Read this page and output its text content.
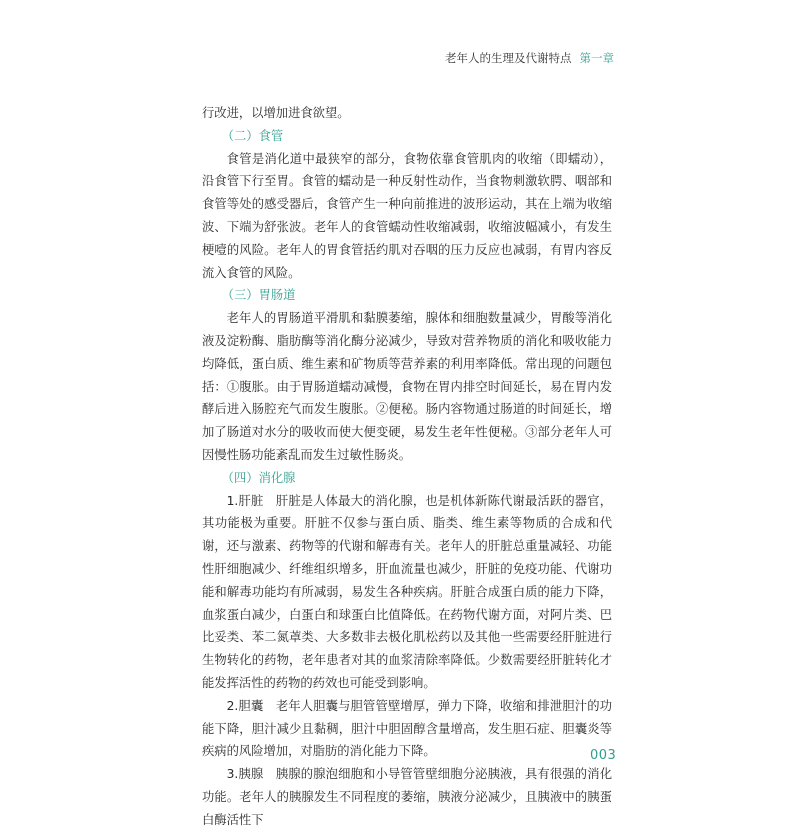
老年人的生理及代谢特点 第一章

行改进，以增加进食欲望。

（二）食管

食管是消化道中最狭窄的部分，食物依靠食管肌肉的收缩（即蠕动），沿食管下行至胃。食管的蠕动是一种反射性动作，当食物刺激软腭、咽部和食管等处的感受器后，食管产生一种向前推进的波形运动，其在上端为收缩波、下端为舒张波。老年人的食管蠕动性收缩减弱，收缩波幅减小，有发生梗噎的风险。老年人的胃食管括约肌对吞咽的压力反应也减弱，有胃内容反流入食管的风险。

（三）胃肠道

老年人的胃肠道平滑肌和黏膜萎缩，腺体和细胞数量减少，胃酸等消化液及淀粉酶、脂肪酶等消化酶分泌减少，导致对营养物质的消化和吸收能力均降低，蛋白质、维生素和矿物质等营养素的利用率降低。常出现的问题包括：①腹胀。由于胃肠道蠕动减慢，食物在胃内排空时间延长，易在胃内发酵后进入肠腔充气而发生腹胀。②便秘。肠内容物通过肠道的时间延长，增加了肠道对水分的吸收而使大便变硬，易发生老年性便秘。③部分老年人可因慢性肠功能紊乱而发生过敏性肠炎。

（四）消化腺

1.肝脏  肝脏是人体最大的消化腺，也是机体新陈代谢最活跃的器官，其功能极为重要。肝脏不仅参与蛋白质、脂类、维生素等物质的合成和代谢，还与激素、药物等的代谢和解毒有关。老年人的肝脏总重量减轻、功能性肝细胞减少、纤维组织增多，肝血流量也减少，肝脏的免疫功能、代谢功能和解毒功能均有所减弱，易发生各种疾病。肝脏合成蛋白质的能力下降，血浆蛋白减少，白蛋白和球蛋白比值降低。在药物代谢方面，对阿片类、巴比妥类、苯二氮䓬类、大多数非去极化肌松药以及其他一些需要经肝脏进行生物转化的药物，老年患者对其的血浆清除率降低。少数需要经肝脏转化才能发挥活性的药物的药效也可能受到影响。

2.胆囊  老年人胆囊与胆管管壁增厚，弹力下降，收缩和排泄胆汁的功能下降，胆汁减少且黏稠，胆汁中胆固醇含量增高，发生胆石症、胆囊炎等疾病的风险增加，对脂肪的消化能力下降。

3.胰腺  胰腺的腺泡细胞和小导管管壁细胞分泌胰液，具有很强的消化功能。老年人的胰腺发生不同程度的萎缩，胰液分泌减少，且胰液中的胰蛋白酶活性下

003
